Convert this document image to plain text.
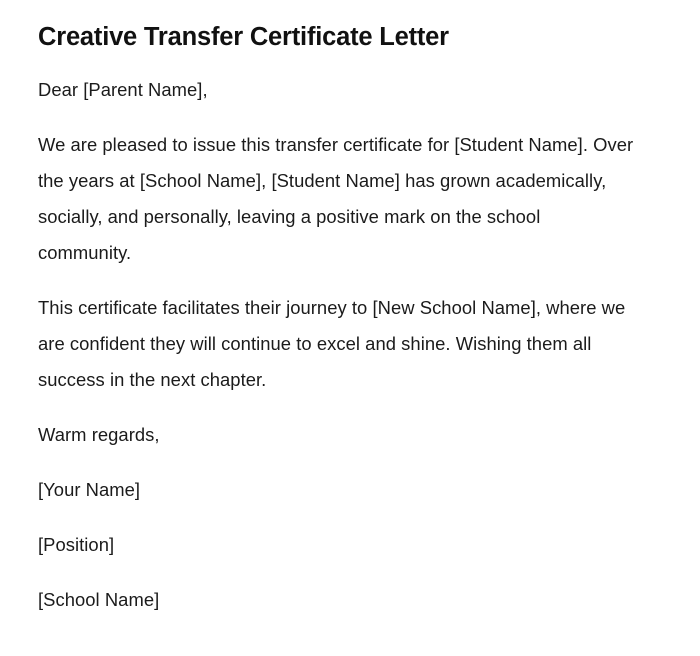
Creative Transfer Certificate Letter

Dear [Parent Name],

We are pleased to issue this transfer certificate for [Student Name]. Over the years at [School Name], [Student Name] has grown academically, socially, and personally, leaving a positive mark on the school community.

This certificate facilitates their journey to [New School Name], where we are confident they will continue to excel and shine. Wishing them all success in the next chapter.

Warm regards,

[Your Name]

[Position]

[School Name]
